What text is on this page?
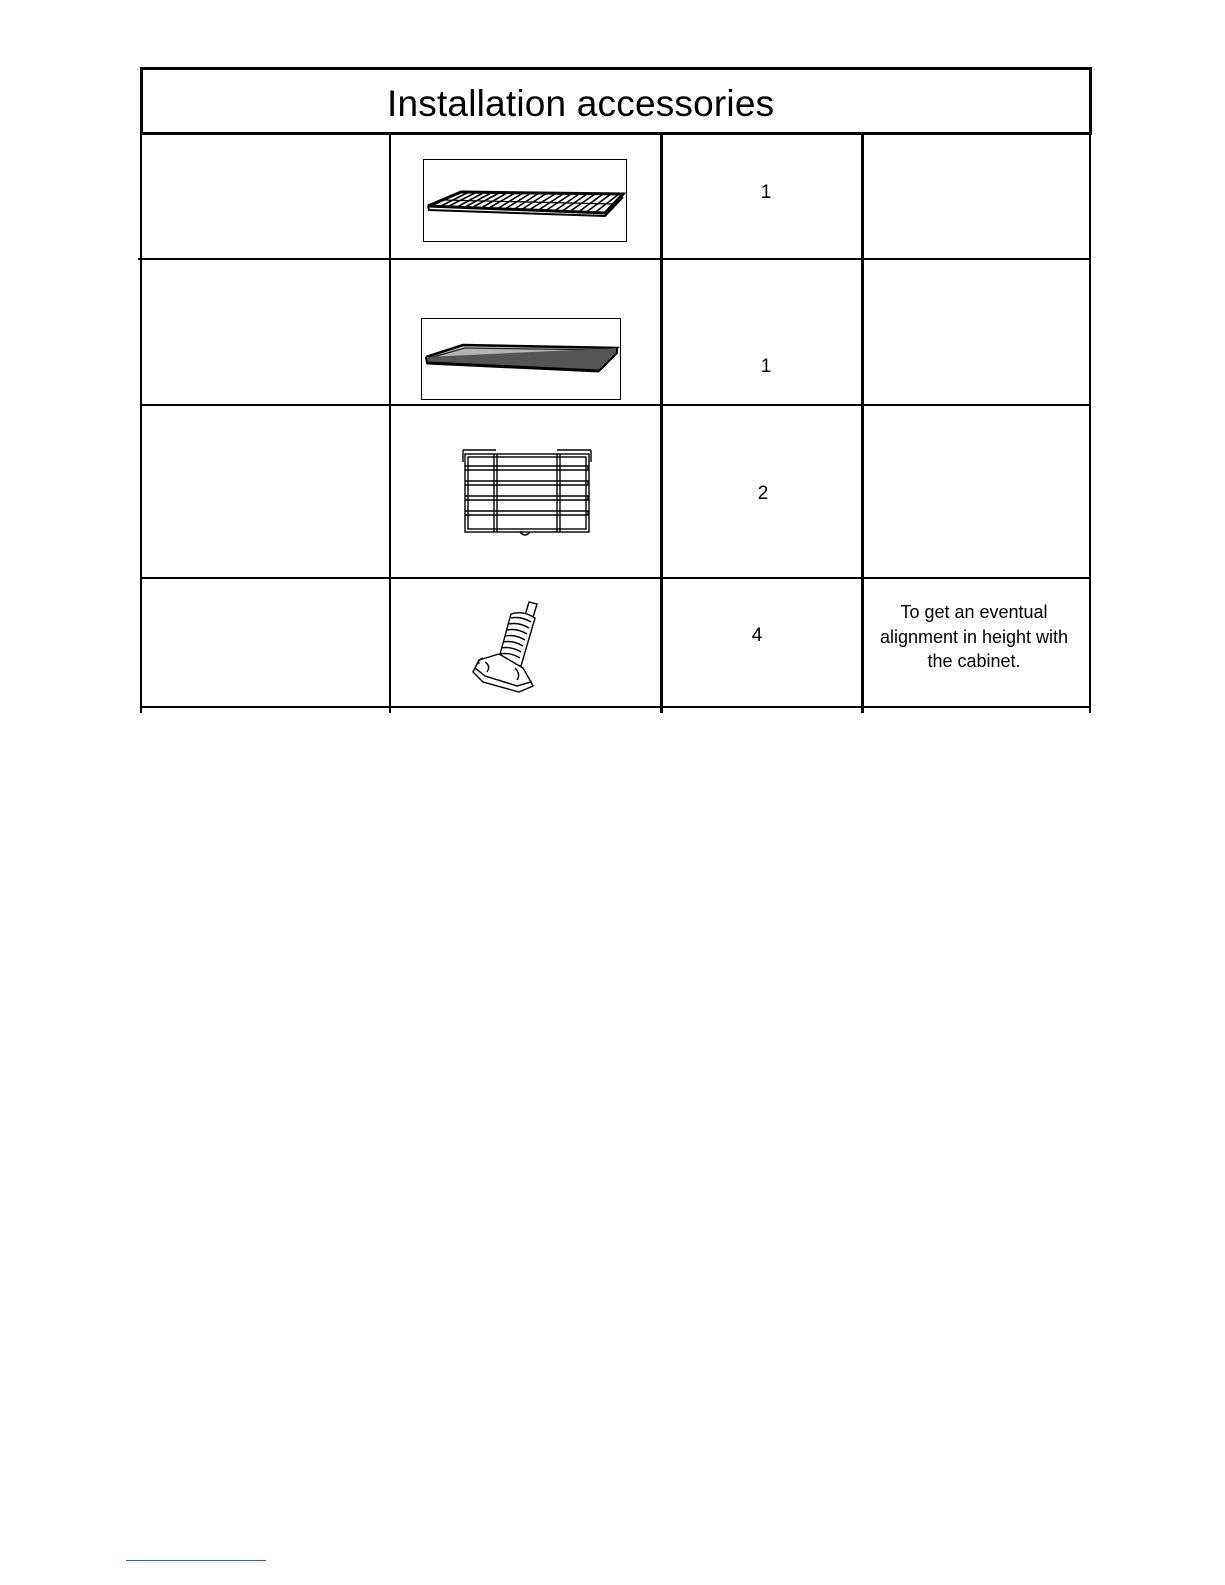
Installation accessories
1
1
2
4
To get an eventual alignment in height with the cabinet.
